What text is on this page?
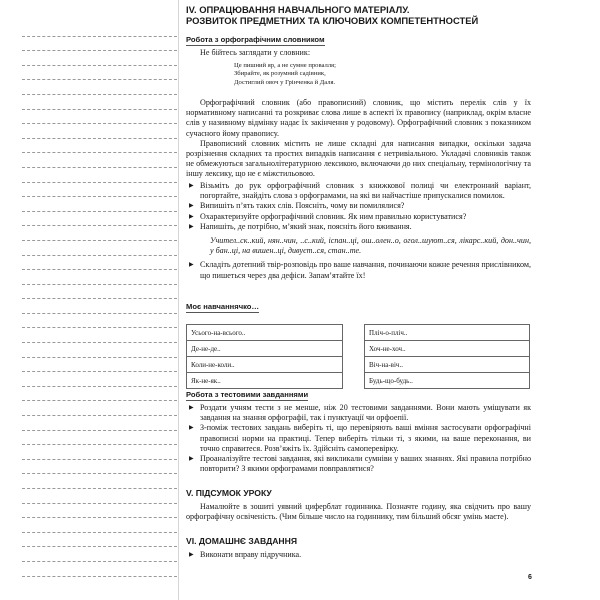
IV. ОПРАЦЮВАННЯ НАВЧАЛЬНОГО МАТЕРІАЛУ.

РОЗВИТОК ПРЕДМЕТНИХ ТА КЛЮЧОВИХ КОМПЕТЕНТНОСТЕЙ

Робота з орфографічним словником

Не бійтесь заглядати у словник:

Це пишний яр, а не сумне провалля;
Збирайте, як розумний садівник,
Достиглий овоч у Грінченка й Даля.

Орфографічний словник (або правописний) словник, що містить перелік слів у їх нормативному написанні та розкриває слова лише в аспекті їх правопису (наприклад, окрім власне слів у називному відмінку надає їх закінчення у родовому). Орфографічний словник з показником сучасного йому правопису.

Правописний словник містить не лише складні для написання випадки, оскільки задача розрізнення складних та простих випадків написання є нетривіальною. Укладачі словників також не обмежуються загальнолітературною лексикою, включаючи до них спеціальну, термінологічну та іншу лексику, що не є міжстильовою.

▶ Візьміть до рук орфографічний словник з книжкової полиці чи електронний варіант, погортайте, знайдіть слова з орфограмами, на які ви найчастіше припускалися помилок.
▶ Випишіть п’ять таких слів. Поясніть, чому ви помилялися?
▶ Охарактеризуйте орфографічний словник. Як ним правильно користуватися?
▶ Напишіть, де потрібно, м’який знак, поясніть його вживання.

Учител..ск..кий, нян..чин, ..с..кий, іспан..ці, ош..олен..о, огол..шуют..ся, лікарс..кий, дон..чин, у бан..ці, на вишен..ці, дивуєт..ся, стан..те.

▶ Складіть дотепний твір-розповідь про ваше навчання, починаючи кожне речення прислівником, що пишеться через два дефіси. Запам’ятайте їх!
Моє навчаннячко…
Усього-на-всього..		Пліч-о-пліч..
Де-не-де..		Хоч-не-хоч..
Коли-не-коли..		Віч-на-віч..
Як-не-як..		Будь-що-будь..
Робота з тестовими завданнями
▶ Роздати учням тести з не менше, ніж 20 тестовими завданнями. Вони мають уміщувати як завдання на знання орфографії, так і пунктуації чи орфоепії.
▶ З-поміж тестових завдань виберіть ті, що перевіряють ваші вміння застосувати орфографічні правописні норми на практиці. Тепер виберіть тільки ті, з якими, на ваше переконання, ви точно справитеся. Розв’яжіть їх. Здійсніть самоперевірку.
▶ Проаналізуйте тестові завдання, які викликали сумніви у ваших знаннях. Які правила потрібно повторити? З якими орфограмами повправлятися?

V. ПІДСУМОК УРОКУ

Намалюйте в зошиті уявний циферблат годинника. Позначте годину, яка свідчить про вашу орфографічну освіченість. (Чим більше число на годиннику, тим більший обсяг умінь маєте).

VI. ДОМАШНЄ ЗАВДАННЯ

▶ Виконати вправу підручника.
6
